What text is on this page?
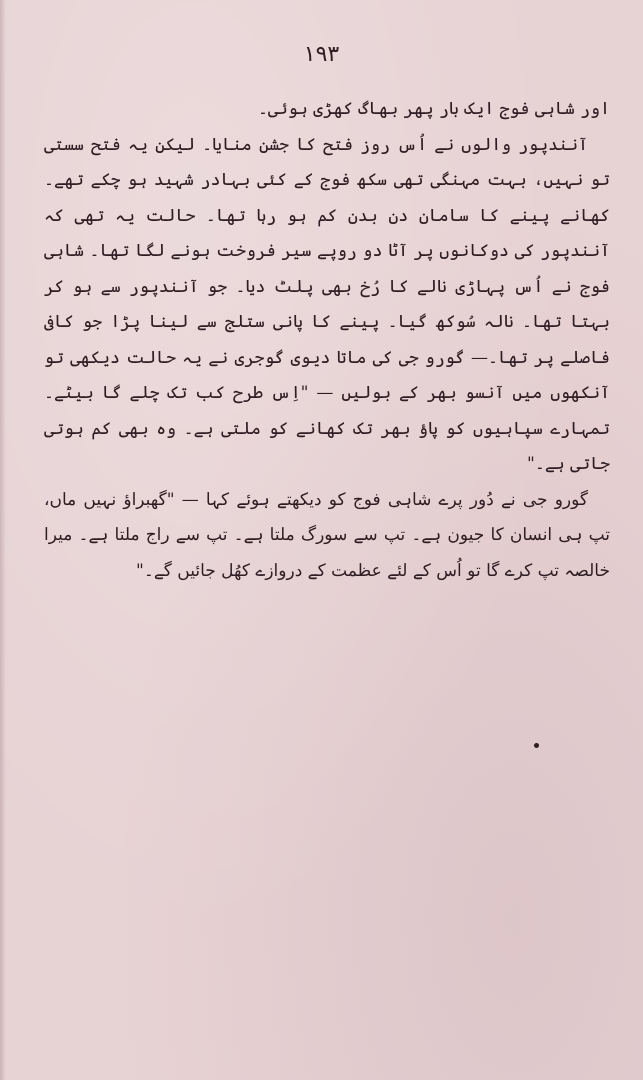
۱۹۳

اور شاہی فوج ایک بار پھر بھاگ کھڑی ہوئی۔

آنندپور والوں نے اُس روز فتح کا جشن منایا۔ لیکن یہ فتح سستی تو نہیں، بہت مہنگی تھی سکھ فوج کے کئی بہادر شہید ہو چکے تھے۔ کھانے پینے کا سامان دن بدن کم ہو رہا تھا۔ حالت یہ تھی کہ آنندپور کی دوکانوں پر آٹا دو روپے سیر فروخت ہونے لگا تھا۔ شاہی فوج نے اُس پہاڑی نالے کا رُخ بھی پلٹ دیا۔ جو آنندپور سے ہو کر بہتا تھا۔ نالہ سُوکھ گیا۔ پینے کا پانی ستلج سے لینا پڑا جو کافی فاصلے پر تھا۔— گورو جی کی ماتا دیوی گوجری نے یہ حالت دیکھی تو آنکھوں میں آنسو بھر کے بولیں — "اِس طرح کب تک چلے گا بیٹے۔ تمہارے سپاہیوں کو پاؤ بھر تک کھانے کو ملتی ہے۔ وہ بھی کم ہوتی جاتی ہے۔"

گورو جی نے دُور پرے شاہی فوج کو دیکھتے ہوئے کہا — "گھبراؤ نہیں ماں، تپ ہی انسان کا جیون ہے۔ تپ سے سورگ ملتا ہے۔ تپ سے راج ملتا ہے۔ میرا خالصہ تپ کرے گا تو اُس کے لئے عظمت کے دروازے کھُل جائیں گے۔"
